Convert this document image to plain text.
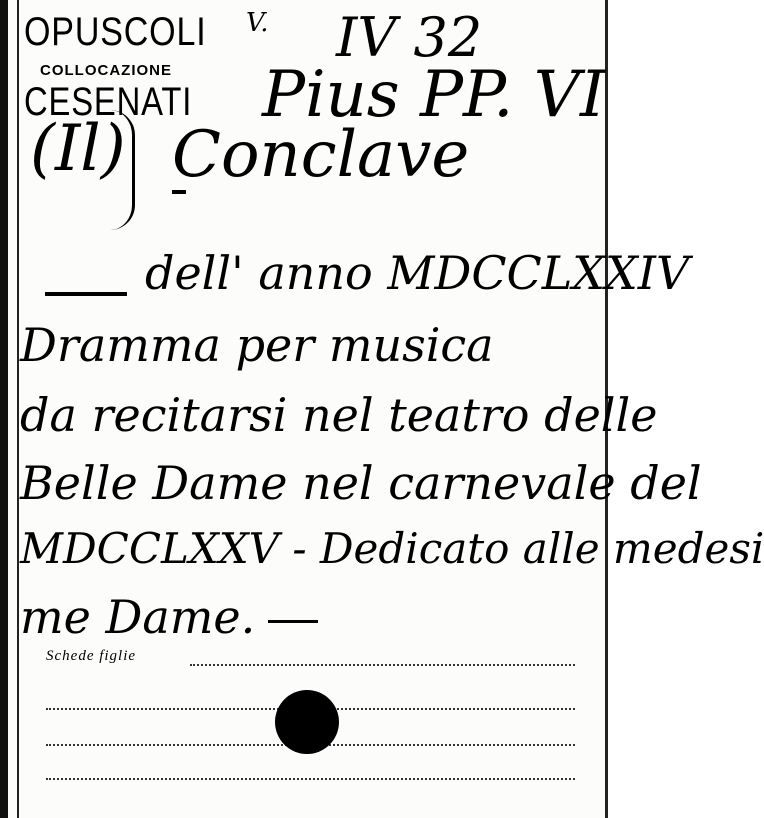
OPUSCOLI
COLLOCAZIONE
CESENATI
V. IV 32
Pius PP. VI
(Il) Conclave
dell' anno MDCCLXXIV
Dramma per musica
da recitarsi nel teatro delle
Belle Dame nel carnevale del
MDCCLXXV - Dedicato alle medesi
me Dame.
Schede figlie
